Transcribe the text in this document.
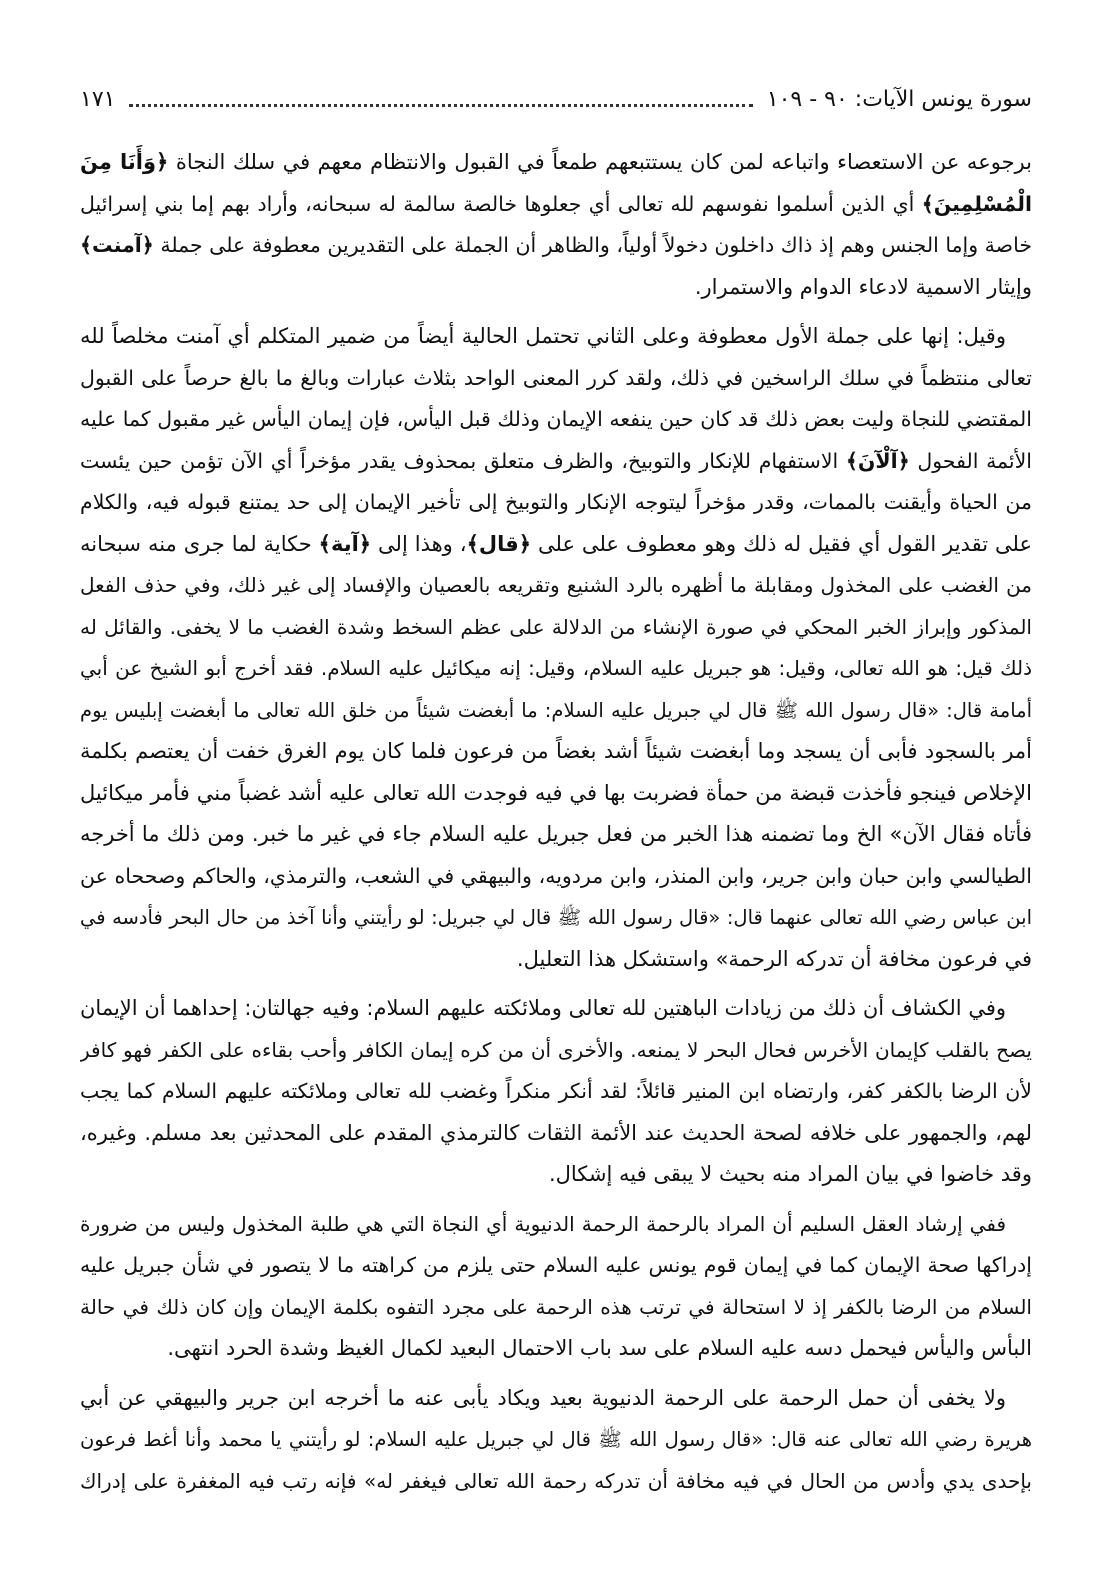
سورة يونس الآيات: ٩٠ - ١٠٩
١٧١
برجوعه عن الاستعصاء واتباعه لمن كان يستتبعهم طمعاً في القبول والانتظام معهم في سلك النجاة ﴿وَأَنَا مِنَ
الْمُسْلِمِينَ﴾ أي الذين أسلموا نفوسهم لله تعالى أي جعلوها خالصة سالمة له سبحانه، وأراد بهم إما بني إسرائيل
خاصة وإما الجنس وهم إذ ذاك داخلون دخولاً أولياً، والظاهر أن الجملة على التقديرين معطوفة على جملة ﴿آمنت﴾
وإيثار الاسمية لادعاء الدوام والاستمرار.
وقيل: إنها على جملة الأول معطوفة وعلى الثاني تحتمل الحالية أيضاً من ضمير المتكلم أي آمنت مخلصاً لله
تعالى منتظماً في سلك الراسخين في ذلك، ولقد كرر المعنى الواحد بثلاث عبارات وبالغ ما بالغ حرصاً على القبول
المقتضي للنجاة وليت بعض ذلك قد كان حين ينفعه الإيمان وذلك قبل اليأس، فإن إيمان اليأس غير مقبول كما عليه
الأئمة الفحول ﴿آلْآنَ﴾ الاستفهام للإنكار والتوبيخ، والظرف متعلق بمحذوف يقدر مؤخراً أي الآن تؤمن حين يئست
من الحياة وأيقنت بالممات، وقدر مؤخراً ليتوجه الإنكار والتوبيخ إلى تأخير الإيمان إلى حد يمتنع قبوله فيه، والكلام
على تقدير القول أي فقيل له ذلك وهو معطوف على على ﴿قال﴾، وهذا إلى ﴿آية﴾ حكاية لما جرى منه سبحانه
من الغضب على المخذول ومقابلة ما أظهره بالرد الشنيع وتقريعه بالعصيان والإفساد إلى غير ذلك، وفي حذف الفعل
المذكور وإبراز الخبر المحكي في صورة الإنشاء من الدلالة على عظم السخط وشدة الغضب ما لا يخفى. والقائل له
ذلك قيل: هو الله تعالى، وقيل: هو جبريل عليه السلام، وقيل: إنه ميكائيل عليه السلام. فقد أخرج أبو الشيخ عن أبي
أمامة قال: «قال رسول الله ﷺ قال لي جبريل عليه السلام: ما أبغضت شيئاً من خلق الله تعالى ما أبغضت إبليس يوم
أمر بالسجود فأبى أن يسجد وما أبغضت شيئاً أشد بغضاً من فرعون فلما كان يوم الغرق خفت أن يعتصم بكلمة
الإخلاص فينجو فأخذت قبضة من حمأة فضربت بها في فيه فوجدت الله تعالى عليه أشد غضباً مني فأمر ميكائيل
فأتاه فقال الآن» الخ وما تضمنه هذا الخبر من فعل جبريل عليه السلام جاء في غير ما خبر. ومن ذلك ما أخرجه
الطيالسي وابن حبان وابن جرير، وابن المنذر، وابن مردويه، والبيهقي في الشعب، والترمذي، والحاكم وصححاه عن
ابن عباس رضي الله تعالى عنهما قال: «قال رسول الله ﷺ قال لي جبريل: لو رأيتني وأنا آخذ من حال البحر فأدسه في
في فرعون مخافة أن تدركه الرحمة» واستشكل هذا التعليل.
وفي الكشاف أن ذلك من زيادات الباهتين لله تعالى وملائكته عليهم السلام: وفيه جهالتان: إحداهما أن الإيمان
يصح بالقلب كإيمان الأخرس فحال البحر لا يمنعه. والأخرى أن من كره إيمان الكافر وأحب بقاءه على الكفر فهو كافر
لأن الرضا بالكفر كفر، وارتضاه ابن المنير قائلاً: لقد أنكر منكراً وغضب لله تعالى وملائكته عليهم السلام كما يجب
لهم، والجمهور على خلافه لصحة الحديث عند الأئمة الثقات كالترمذي المقدم على المحدثين بعد مسلم. وغيره،
وقد خاضوا في بيان المراد منه بحيث لا يبقى فيه إشكال.
ففي إرشاد العقل السليم أن المراد بالرحمة الرحمة الدنيوية أي النجاة التي هي طلبة المخذول وليس من ضرورة
إدراكها صحة الإيمان كما في إيمان قوم يونس عليه السلام حتى يلزم من كراهته ما لا يتصور في شأن جبريل عليه
السلام من الرضا بالكفر إذ لا استحالة في ترتب هذه الرحمة على مجرد التفوه بكلمة الإيمان وإن كان ذلك في حالة
البأس واليأس فيحمل دسه عليه السلام على سد باب الاحتمال البعيد لكمال الغيظ وشدة الحرد انتهى.
ولا يخفى أن حمل الرحمة على الرحمة الدنيوية بعيد ويكاد يأبى عنه ما أخرجه ابن جرير والبيهقي عن أبي
هريرة رضي الله تعالى عنه قال: «قال رسول الله ﷺ قال لي جبريل عليه السلام: لو رأيتني يا محمد وأنا أغط فرعون
بإحدى يدي وأدس من الحال في فيه مخافة أن تدركه رحمة الله تعالى فيغفر له» فإنه رتب فيه المغفرة على إدراك
